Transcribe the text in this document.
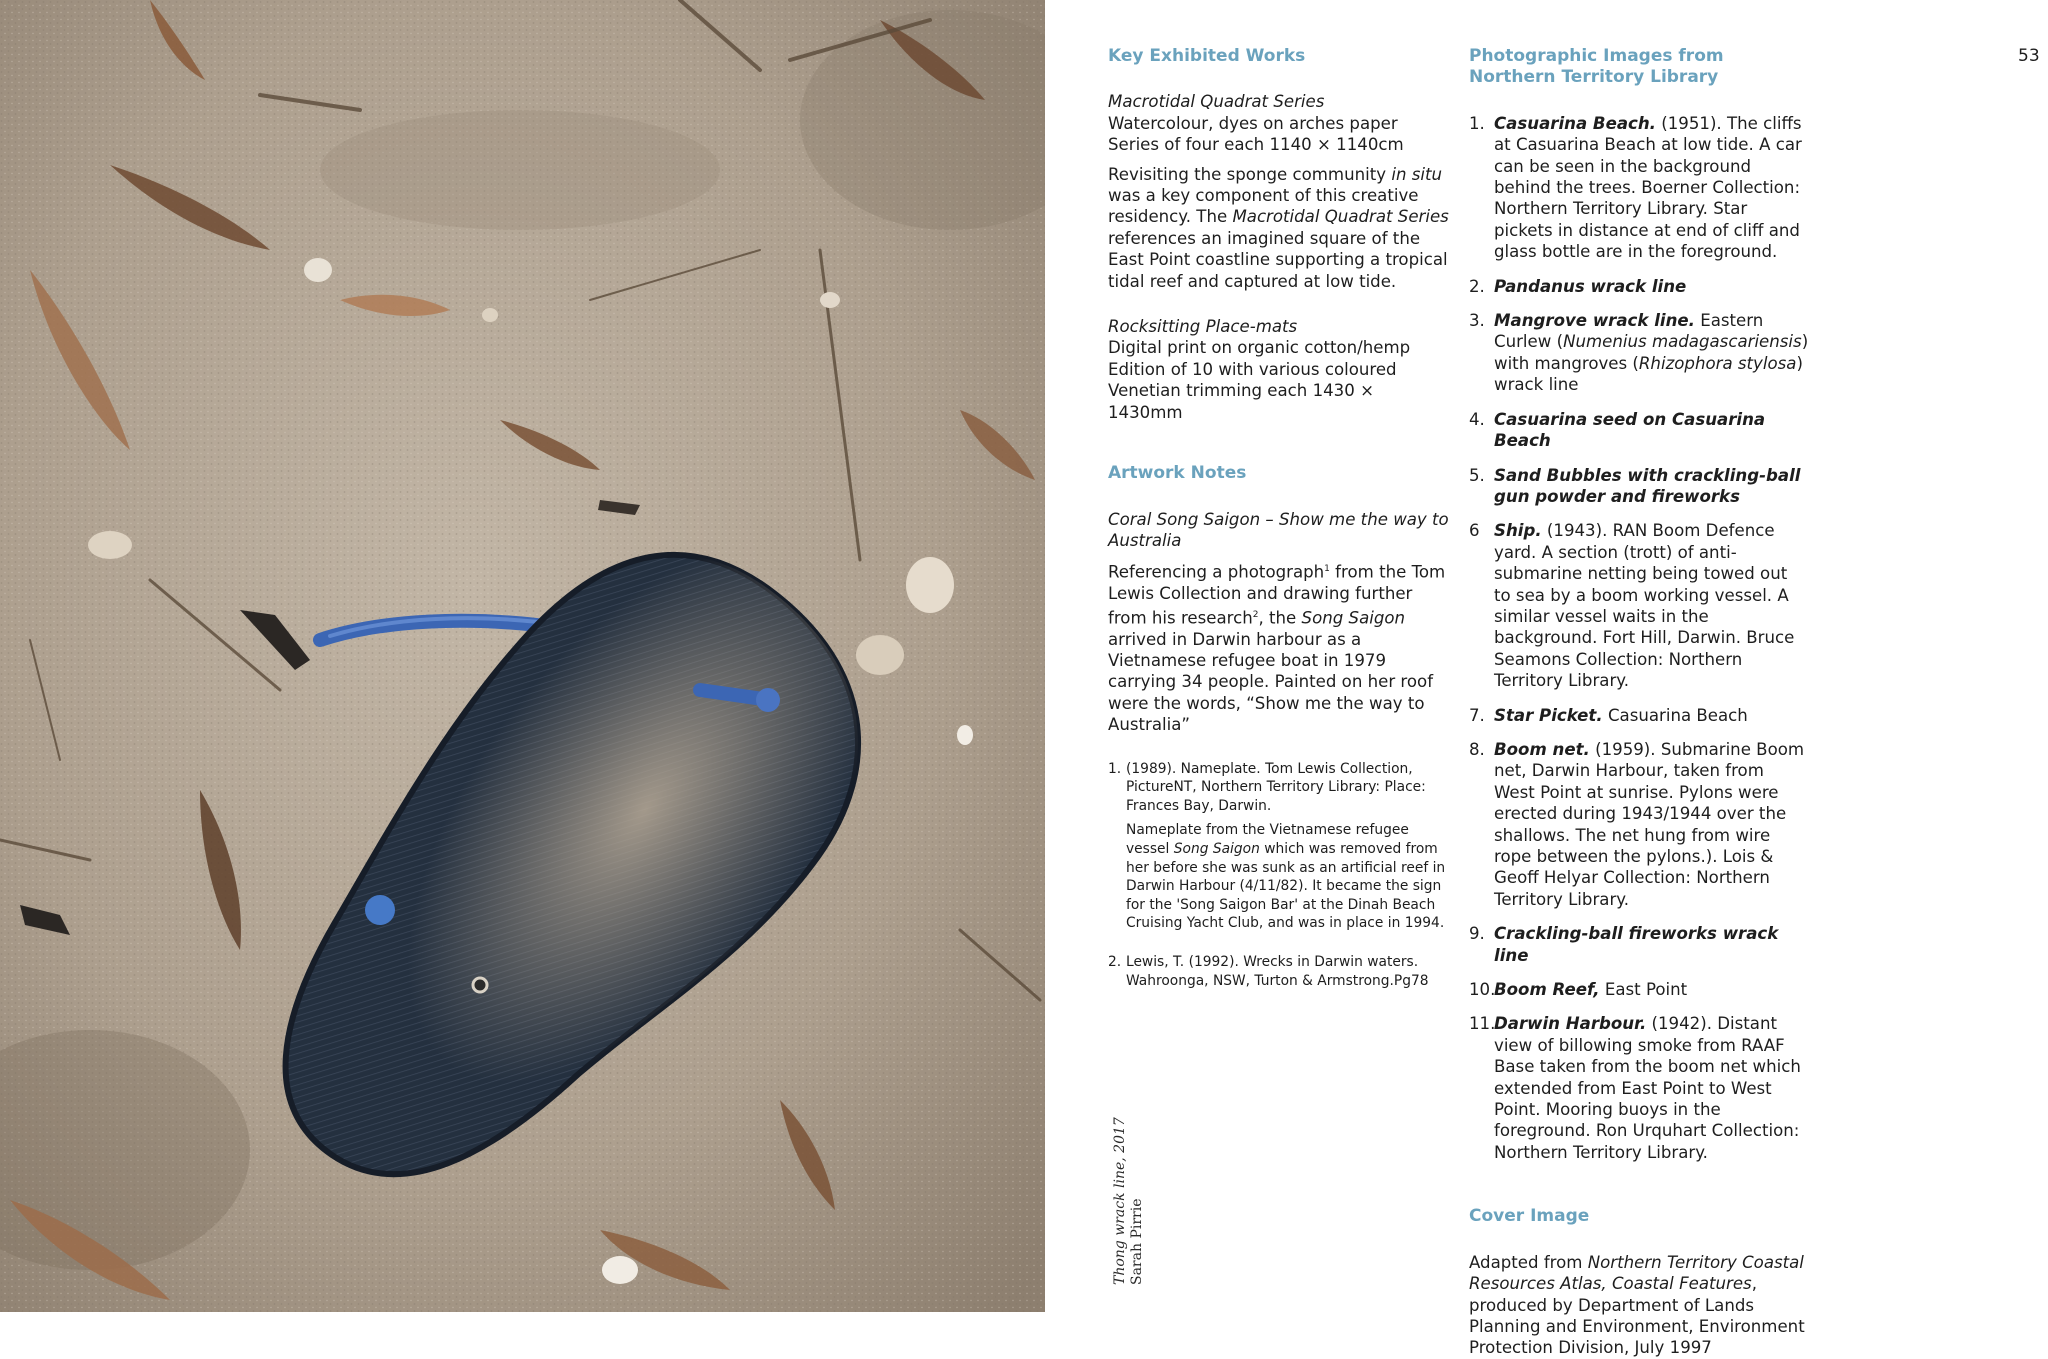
Key Exhibited Works

Macrotidal Quadrat Series

Watercolour, dyes on arches paper

Series of four each 1140 × 1140cm

Revisiting the sponge community in situ was a key component of this creative residency. The Macrotidal Quadrat Series references an imagined square of the East Point coastline supporting a tropical tidal reef and captured at low tide.

Rocksitting Place-mats

Digital print on organic cotton/hemp

Edition of 10 with various coloured

Venetian trimming each 1430 × 1430mm

Artwork Notes

Coral Song Saigon – Show me the way to Australia

Referencing a photograph$^1$ from the Tom Lewis Collection and drawing further from his research$^2$, the Song Saigon arrived in Darwin harbour as a Vietnamese refugee boat in 1979 carrying 34 people. Painted on her roof were the words, “Show me the way to Australia”

1. (1989). Nameplate. Tom Lewis Collection, PictureNT, Northern Territory Library: Place: Frances Bay, Darwin.

Nameplate from the Vietnamese refugee vessel Song Saigon which was removed from her before she was sunk as an artificial reef in Darwin Harbour (4/11/82). It became the sign for the 'Song Saigon Bar' at the Dinah Beach Cruising Yacht Club, and was in place in 1994.

2. Lewis, T. (1992). Wrecks in Darwin waters. Wahroonga, NSW, Turton & Armstrong.Pg78

Photographic Images from Northern Territory Library
1. Casuarina Beach. (1951). The cliffs at Casuarina Beach at low tide. A car can be seen in the background behind the trees. Boerner Collection: Northern Territory Library. Star pickets in distance at end of cliff and glass bottle are in the foreground.
2. Pandanus wrack line
3. Mangrove wrack line. Eastern Curlew (Numenius madagascariensis) with mangroves (Rhizophora stylosa) wrack line
4. Casuarina seed on Casuarina Beach
5. Sand Bubbles with crackling-ball gun powder and fireworks
6 Ship. (1943). RAN Boom Defence yard. A section (trott) of anti-submarine netting being towed out to sea by a boom working vessel. A similar vessel waits in the background. Fort Hill, Darwin. Bruce Seamons Collection: Northern Territory Library.
7. Star Picket. Casuarina Beach
8. Boom net. (1959). Submarine Boom net, Darwin Harbour, taken from West Point at sunrise. Pylons were erected during 1943/1944 over the shallows. The net hung from wire rope between the pylons.). Lois & Geoff Helyar Collection: Northern Territory Library.
9. Crackling-ball fireworks wrack line
10.
Boom Reef, East Point
11.
Darwin Harbour. (1942). Distant view of billowing smoke from RAAF Base taken from the boom net which extended from East Point to West Point. Mooring buoys in the foreground. Ron Urquhart Collection: Northern Territory Library.
Cover Image

Adapted from Northern Territory Coastal Resources Atlas, Coastal Features, produced by Department of Lands Planning and Environment, Environment Protection Division, July 1997

53
Thong wrack line, 2017 Sarah Pirrie
